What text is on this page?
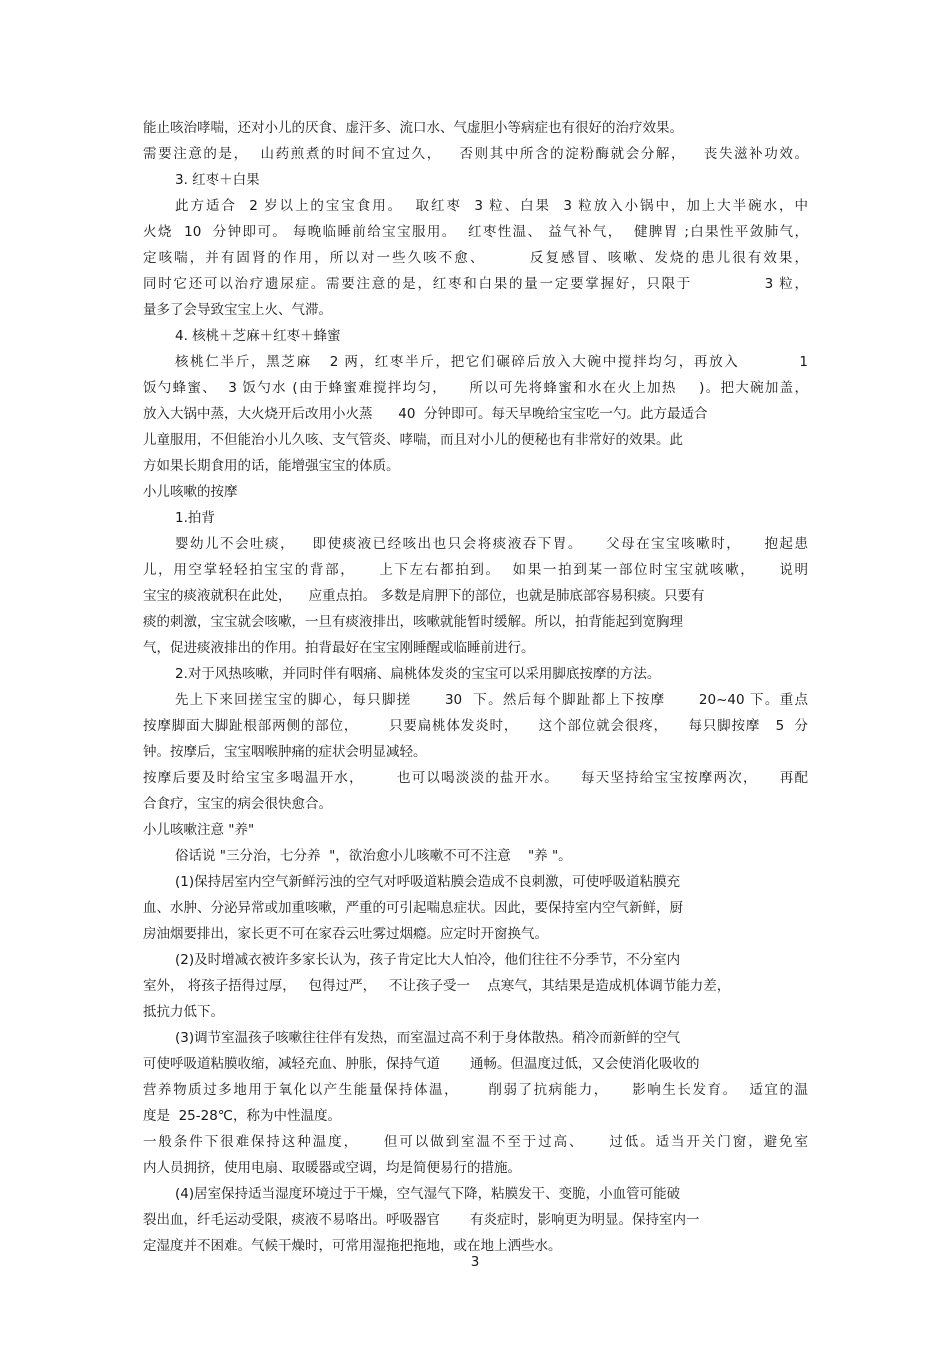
能止咳治哮喘，还对小儿的厌食、虚汗多、流口水、气虚胆小等病症也有很好的治疗效果。
需要注意的是，  山药煎煮的时间不宜过久，   否则其中所含的淀粉酶就会分解，   丧失滋补功效。
3. 红枣＋白果
此方适合  2 岁以上的宝宝食用。  取红枣  3 粒、白果  3 粒放入小锅中，加上大半碗水，中
火烧  10  分钟即可。 每晚临睡前给宝宝服用。  红枣性温、 益气补气，  健脾胃 ;白果性平敛肺气，
定咳喘，并有固肾的作用，所以对一些久咳不愈、       反复感冒、咳嗽、发烧的患儿很有效果，
同时它还可以治疗遗尿症。需要注意的是，红枣和白果的量一定要掌握好，只限于            3 粒，
量多了会导致宝宝上火、气滞。
4. 核桃＋芝麻＋红枣＋蜂蜜
核桃仁半斤，黑芝麻   2 两，红枣半斤，把它们碾碎后放入大碗中搅拌均匀，再放入          1
饭勺蜂蜜、  3 饭勺水 (由于蜂蜜难搅拌均匀，    所以可先将蜂蜜和水在火上加热    )。把大碗加盖，
放入大锅中蒸，大火烧开后改用小火蒸      40  分钟即可。每天早晚给宝宝吃一勺。此方最适合
儿童服用，不但能治小儿久咳、支气管炎、哮喘，而且对小儿的便秘也有非常好的效果。此
方如果长期食用的话，能增强宝宝的体质。
小儿咳嗽的按摩
1.拍背
婴幼儿不会吐痰，   即使痰液已经咳出也只会将痰液吞下胃。    父母在宝宝咳嗽时，    抱起患
儿，用空掌轻轻拍宝宝的背部，    上下左右都拍到。  如果一拍到某一部位时宝宝就咳嗽，    说明
宝宝的痰液就积在此处，    应重点拍。 多数是肩胛下的部位，也就是肺底部容易积痰。只要有
痰的刺激，宝宝就会咳嗽，一旦有痰液排出，咳嗽就能暂时缓解。所以，拍背能起到宽胸理
气，促进痰液排出的作用。拍背最好在宝宝刚睡醒或临睡前进行。
2.对于风热咳嗽，并同时伴有咽痛、扁桃体发炎的宝宝可以采用脚底按摩的方法。
先上下来回搓宝宝的脚心，每只脚搓      30  下。然后每个脚趾都上下按摩      20~40 下。重点
按摩脚面大脚趾根部两侧的部位，      只要扁桃体发炎时，    这个部位就会很疼，    每只脚按摩   5  分
钟。按摩后，宝宝咽喉肿痛的症状会明显减轻。
按摩后要及时给宝宝多喝温开水，      也可以喝淡淡的盐开水。    每天坚持给宝宝按摩两次，    再配
合食疗，宝宝的病会很快愈合。
小儿咳嗽注意 "养"
俗话说 "三分治，七分养  "，欲治愈小儿咳嗽不可不注意    "养 "。
(1)保持居室内空气新鲜污浊的空气对呼吸道粘膜会造成不良刺激，可使呼吸道粘膜充
血、水肿、分泌异常或加重咳嗽，严重的可引起喘息症状。因此，要保持室内空气新鲜，厨
房油烟要排出，家长更不可在家吞云吐雾过烟瘾。应定时开窗换气。
(2)及时增减衣被许多家长认为，孩子肯定比大人怕冷，他们往往不分季节，不分室内
室外， 将孩子捂得过厚，   包得过严，   不让孩子受一    点寒气，其结果是造成机体调节能力差，
抵抗力低下。
(3)调节室温孩子咳嗽往往伴有发热，而室温过高不利于身体散热。稍冷而新鲜的空气
可使呼吸道粘膜收缩，减轻充血、肿胀，保持气道       通畅。但温度过低，又会使消化吸收的
营养物质过多地用于氧化以产生能量保持体温，     削弱了抗病能力，    影响生长发育。  适宜的温
度是  25-28℃，称为中性温度。
一般条件下很难保持这种温度，    但可以做到室温不至于过高、    过低。适当开关门窗，避免室
内人员拥挤，使用电扇、取暖器或空调，均是简便易行的措施。
(4)居室保持适当湿度环境过于干燥，空气湿气下降，粘膜发干、变脆，小血管可能破
裂出血，纤毛运动受限，痰液不易咯出。呼吸器官       有炎症时，影响更为明显。保持室内一
定湿度并不困难。气候干燥时，可常用湿拖把拖地，或在地上洒些水。
3
